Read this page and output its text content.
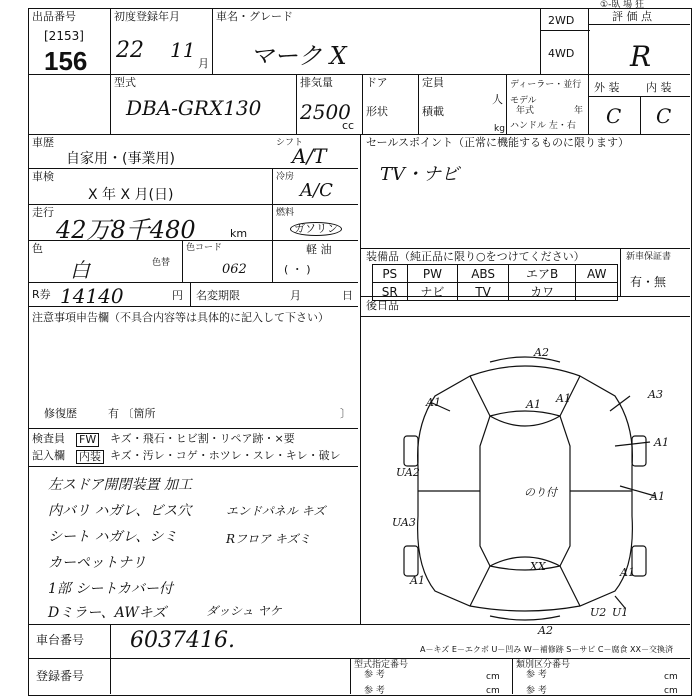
出品番号
[2153]
156
初度登録年月
22 11
月
車名・グレード
マーク X
2WD
4WD
①-臥 場 狂
評 価 点
R
型式
DBA-GRX130
排気量
2500
cc
ドア
形状
定員
人
積載
kg
ディーラー・並行
モデル
年式	年
ハンドル 左・右
外 装 内 装
C C
車歴
自家用・(事業用)
シフト
A/T
車検
X 年 X 月(日)
冷房
A/C
走行
42万8千480	km
燃料
ガソリン
軽 油
( ・ )
色
白	色替
色コード
062
R券 14140	円 名変期限	月	日
セールスポイント（正常に機能するものに限ります）
TV・ナビ
装備品（純正品に限り○をつけてください）	新車保証書
有・無
PS	PW	ABS	エアB	AW
SR	ナビ	TV	カワ	
後日品
注意事項申告欄（不具合内容等は具体的に記入して下さい）
修復歴	有 〔箇所	〕
検査員
記入欄
FW
内装
キズ・飛石・ヒビ割・リペア跡・×要
キズ・汚レ・コゲ・ホツレ・スレ・キレ・破レ
左スドア開閉装置 加工
内バリ ハガレ、ビス穴
シート ハガレ、シミ
カーペットナリ
1部 シートカバー付
Dミラー、AWキズ
エンドパネル キズ
Rフロア キズミ
ダッシュ ヤケ
A2
A1	A1
A3
A1
A1
A1
A1
UA2
UA3
XX
A1
A2
U2 U1
のり付
A－キズ E－エクボ U－凹み W－補修跡 S－サビ C－腐食 XX－交換済
車台番号 6037416.
登録番号
型式指定番号
参 考
参 考
cm
cm
類別区分番号
参 考
参 考
cm
cm
